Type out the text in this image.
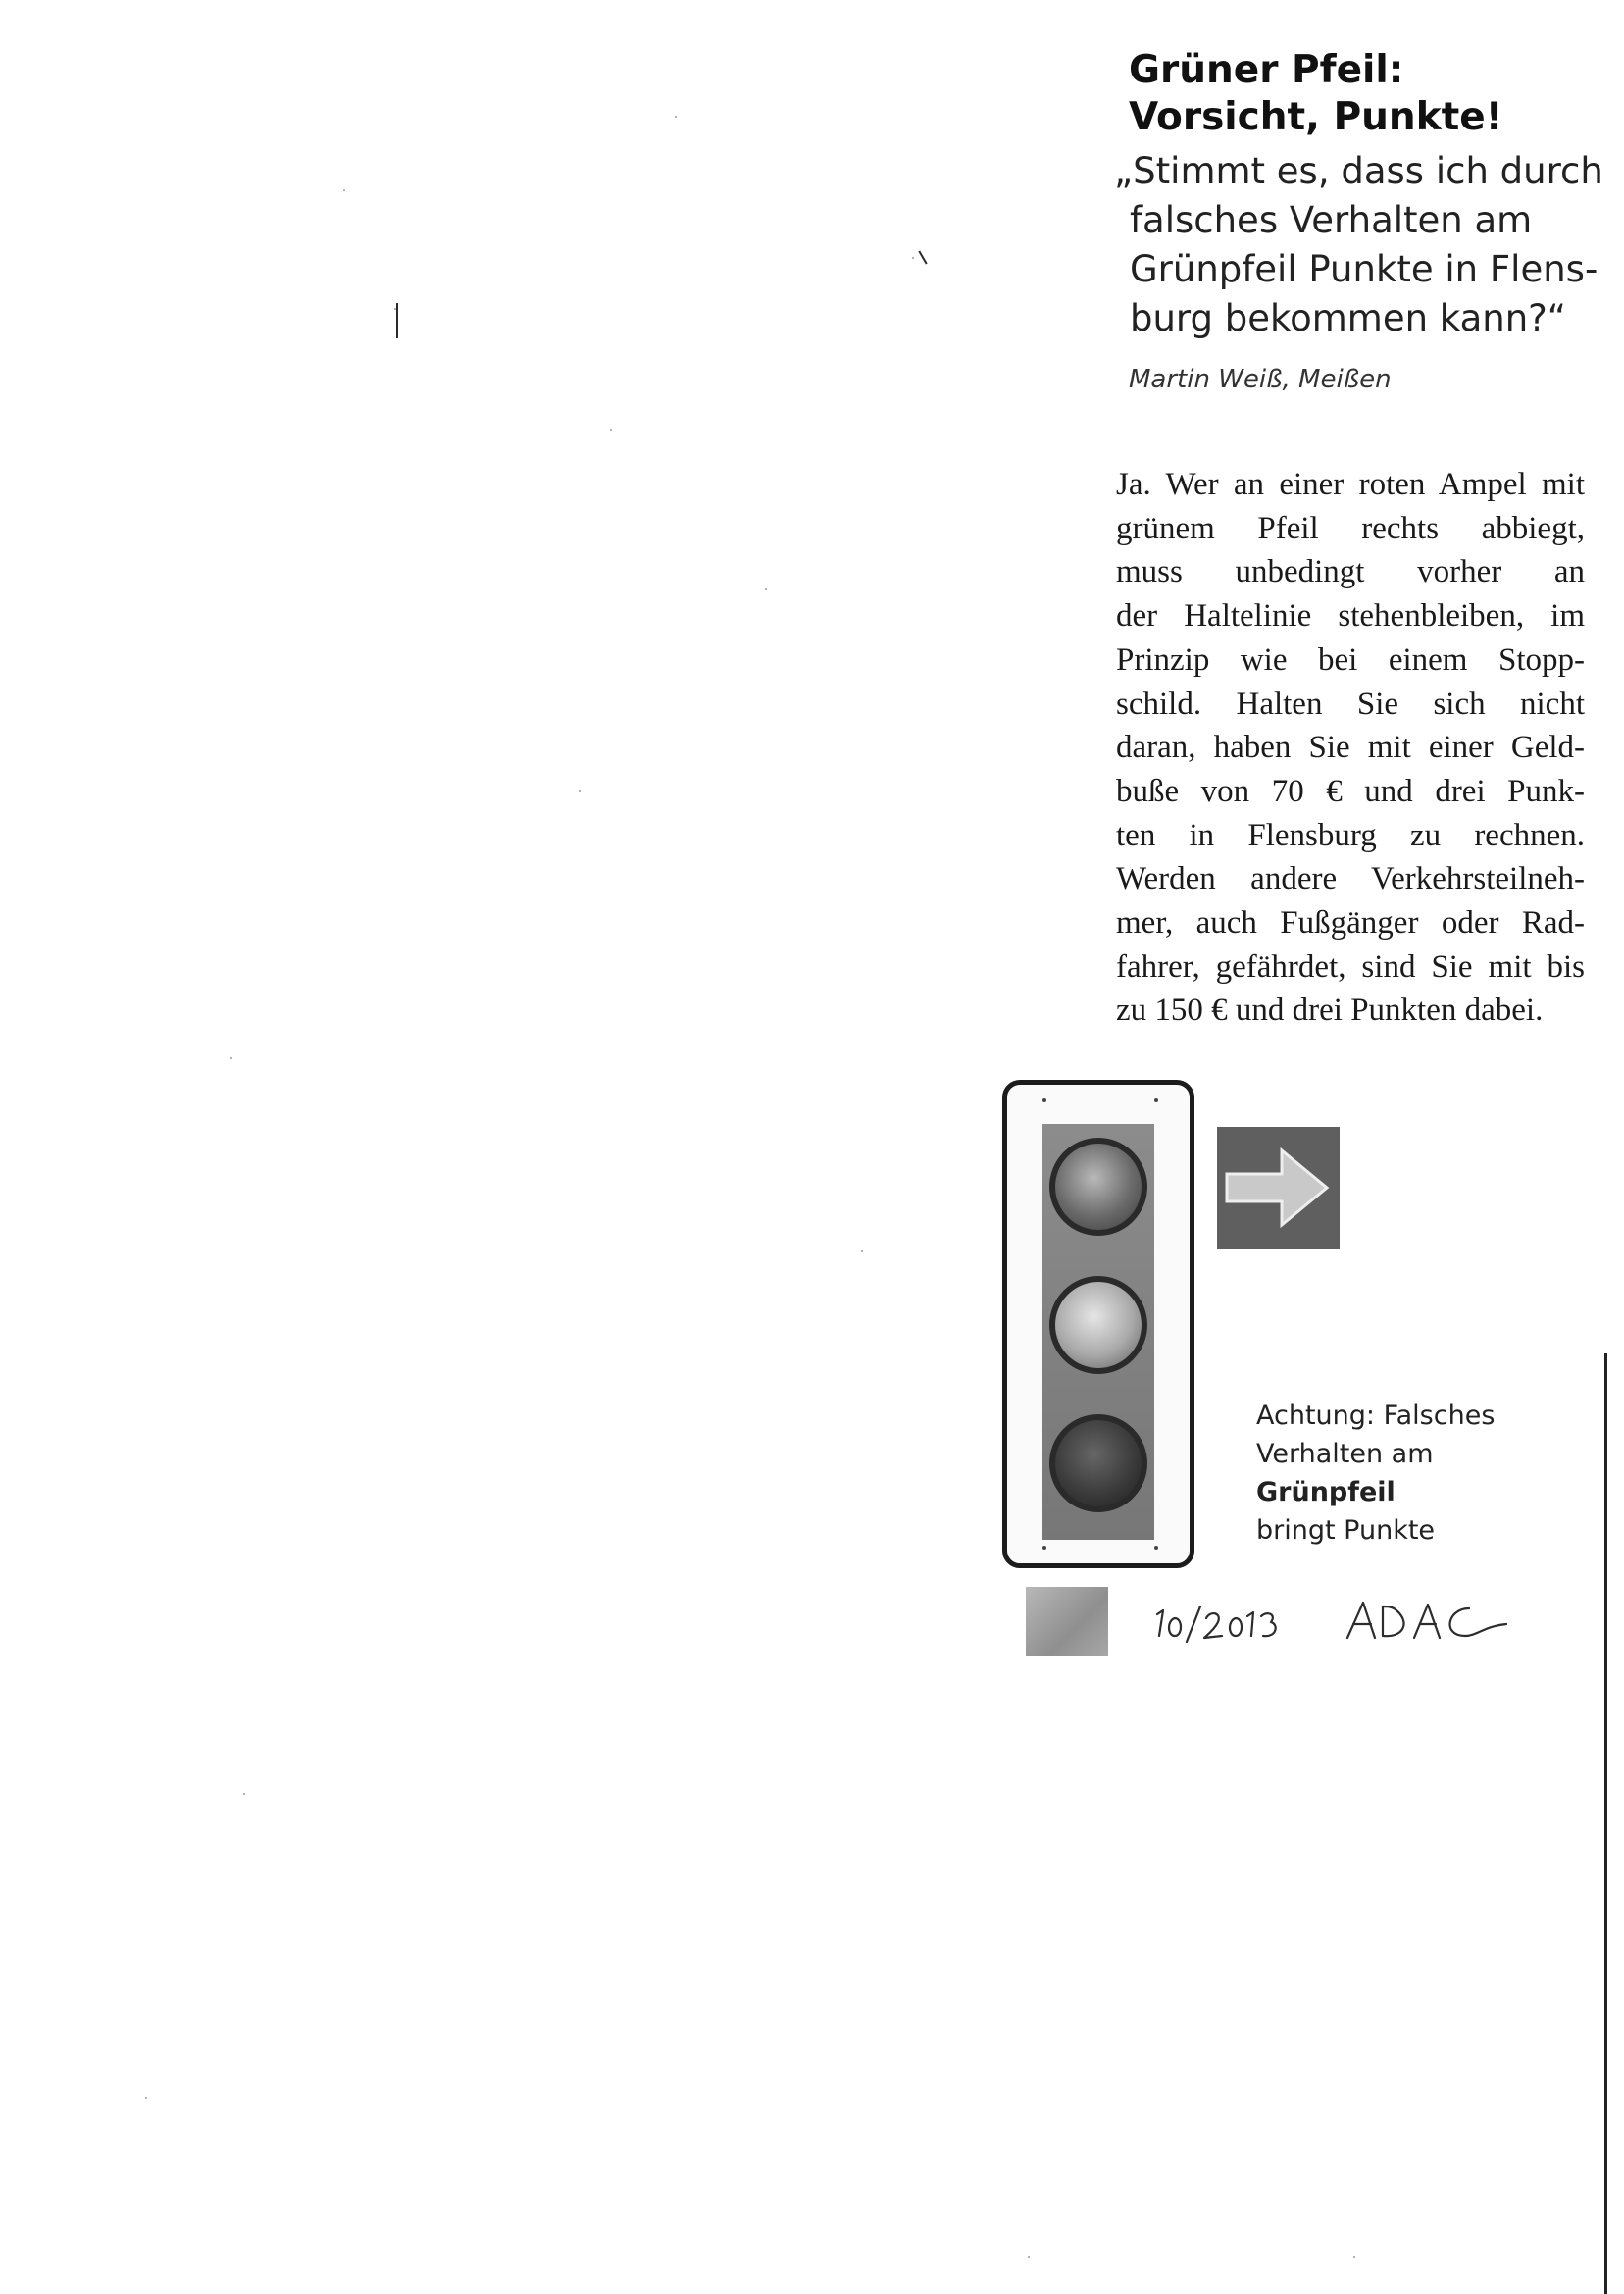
Grüner Pfeil:
Vorsicht, Punkte!
„Stimmt es, dass ich durch
falsches Verhalten am
Grünpfeil Punkte in Flens-
burg bekommen kann?“

Martin Weiß, Meißen

Ja. Wer an einer roten Ampel mit
grünem Pfeil rechts abbiegt,
muss unbedingt vorher an
der Haltelinie stehenbleiben, im
Prinzip wie bei einem Stopp-
schild. Halten Sie sich nicht
daran, haben Sie mit einer Geld-
buße von 70 € und drei Punk-
ten in Flensburg zu rechnen.
Werden andere Verkehrsteilneh-
mer, auch Fußgänger oder Rad-
fahrer, gefährdet, sind Sie mit bis
zu 150 € und drei Punkten dabei.

Achtung: Falsches
Verhalten am Grünpfeil
bringt Punkte
